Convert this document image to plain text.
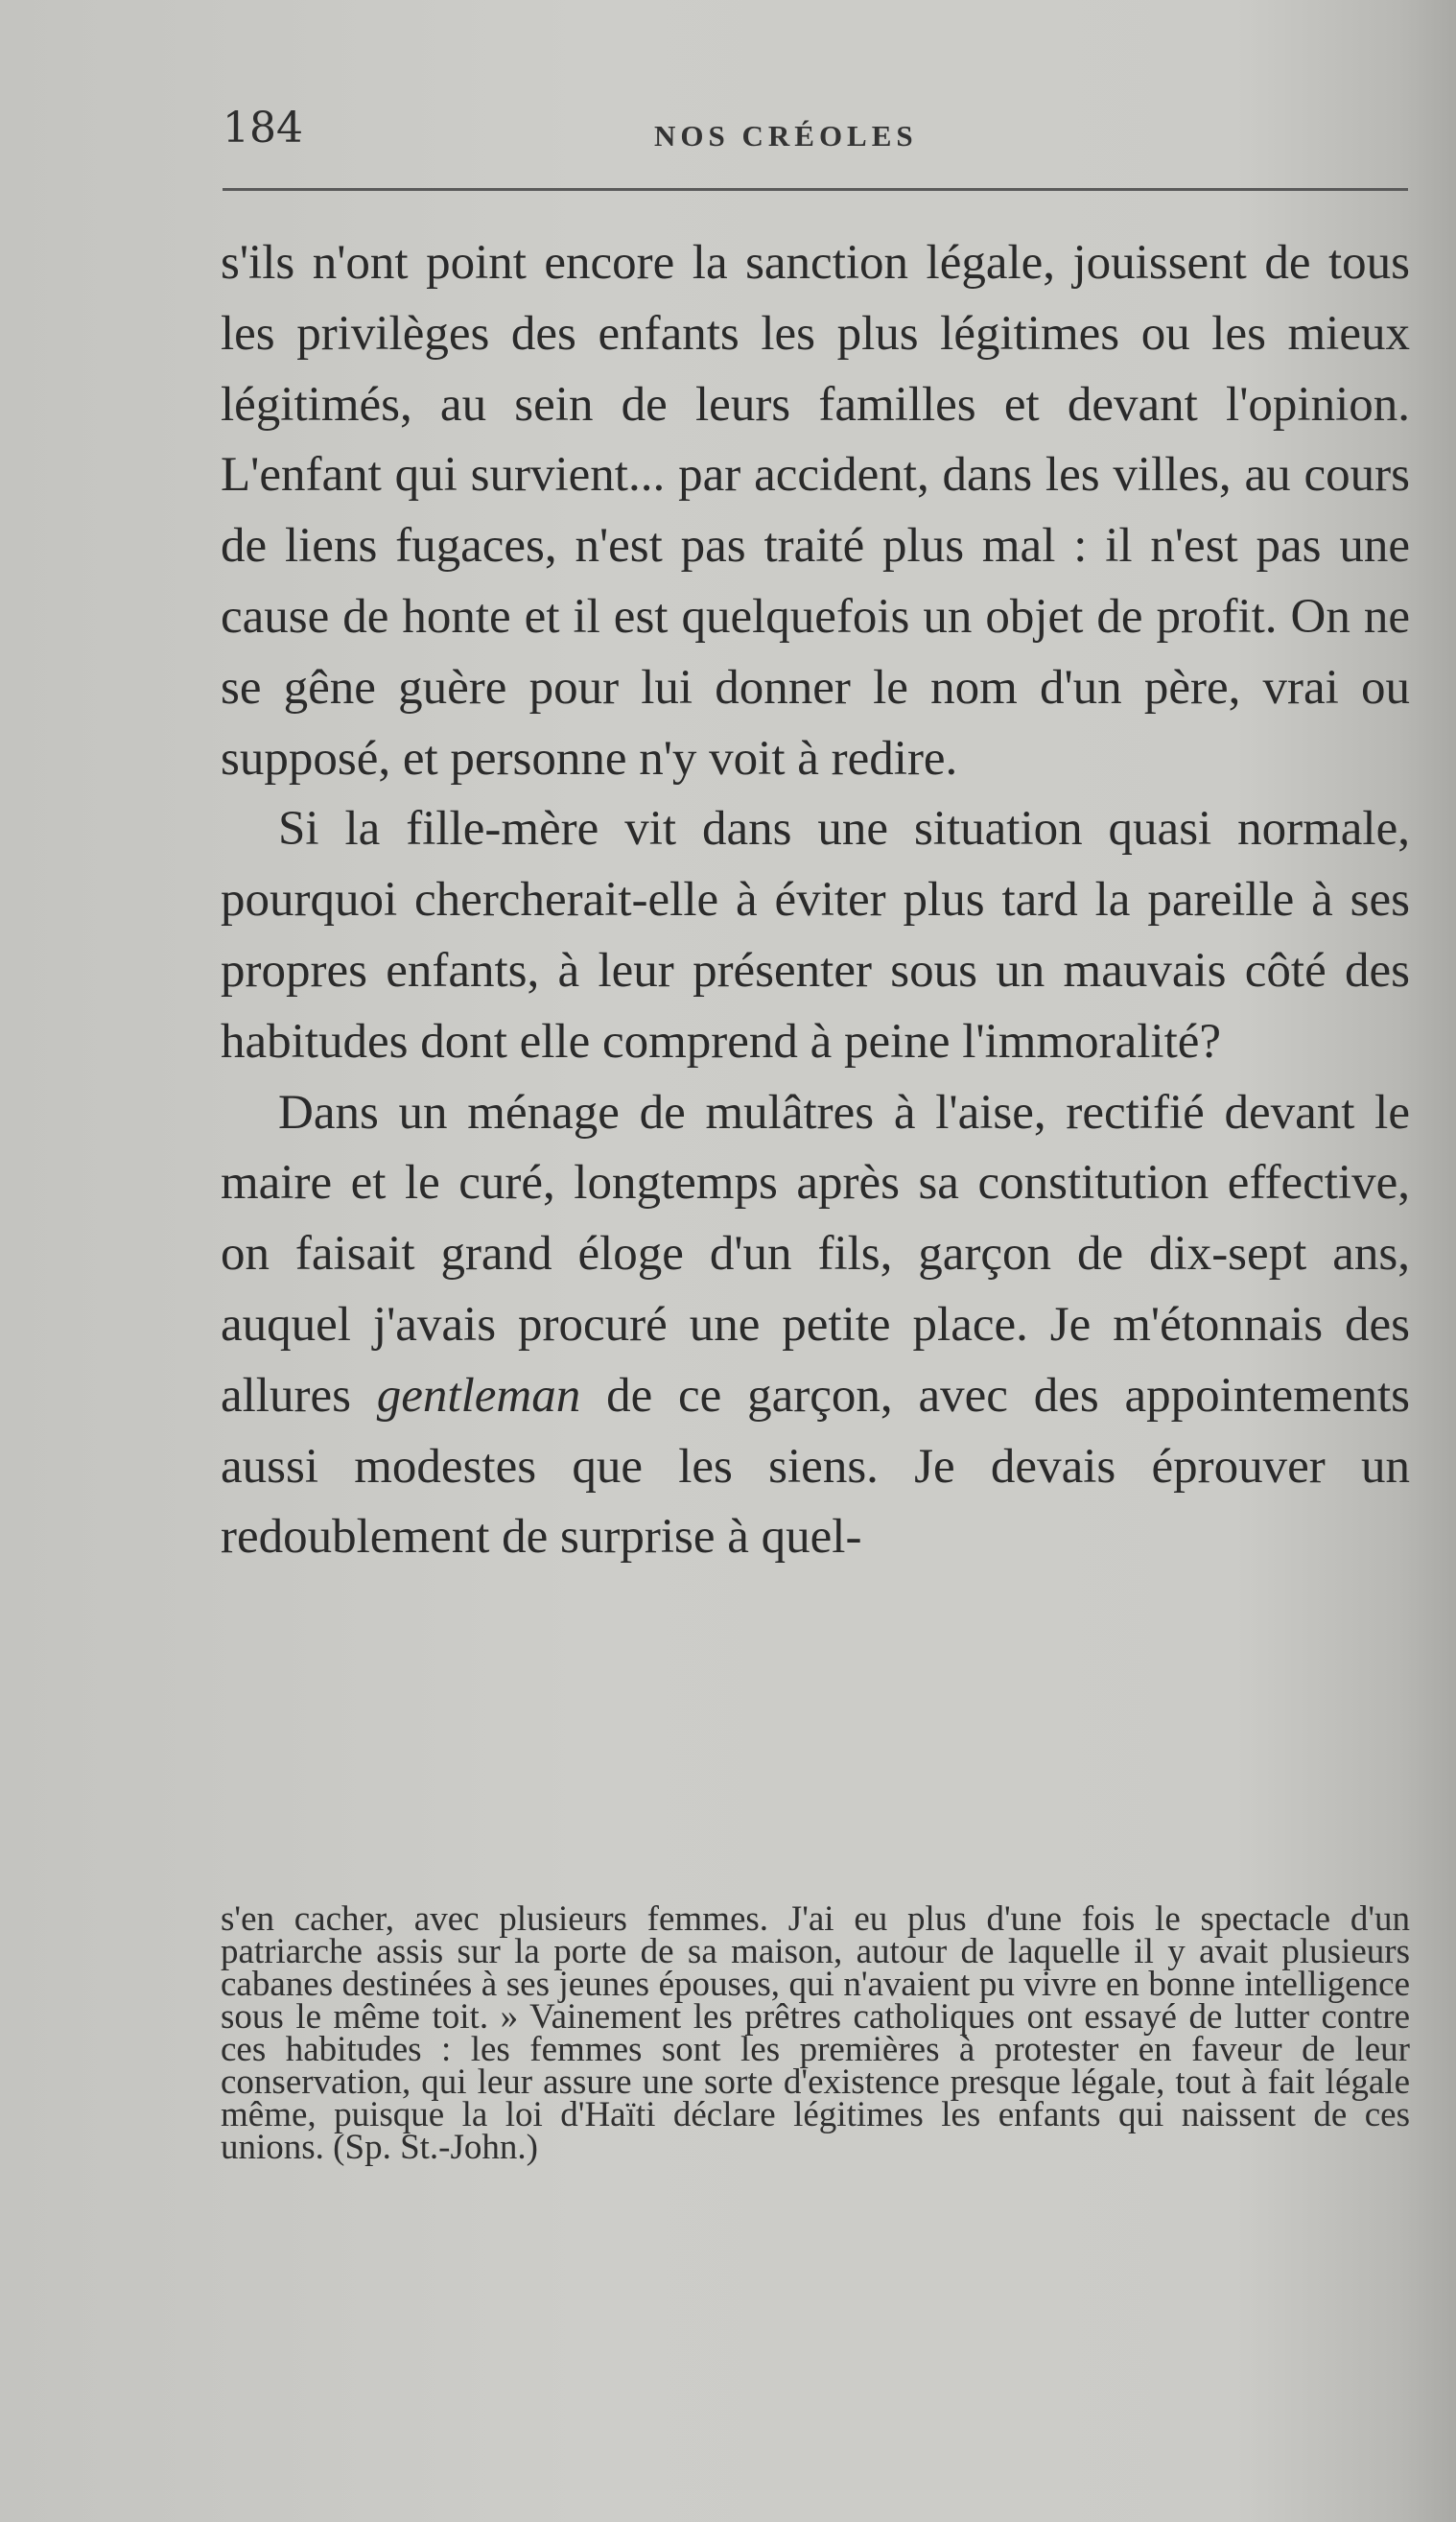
184	NOS CRÉOLES

s'ils n'ont point encore la sanction légale, jouissent de tous les privilèges des enfants les plus légitimes ou les mieux légitimés, au sein de leurs familles et devant l'opinion. L'enfant qui survient... par accident, dans les villes, au cours de liens fugaces, n'est pas traité plus mal : il n'est pas une cause de honte et il est quelquefois un objet de profit. On ne se gêne guère pour lui donner le nom d'un père, vrai ou supposé, et personne n'y voit à redire.

Si la fille-mère vit dans une situation quasi normale, pourquoi chercherait-elle à éviter plus tard la pareille à ses propres enfants, à leur présenter sous un mauvais côté des habitudes dont elle comprend à peine l'immoralité?

Dans un ménage de mulâtres à l'aise, rectifié devant le maire et le curé, longtemps après sa constitution effective, on faisait grand éloge d'un fils, garçon de dix-sept ans, auquel j'avais procuré une petite place. Je m'étonnais des allures gentleman de ce garçon, avec des appointements aussi modestes que les siens. Je devais éprouver un redoublement de surprise à quel-

s'en cacher, avec plusieurs femmes. J'ai eu plus d'une fois le spectacle d'un patriarche assis sur la porte de sa maison, autour de laquelle il y avait plusieurs cabanes destinées à ses jeunes épouses, qui n'avaient pu vivre en bonne intelligence sous le même toit. » Vainement les prêtres catholiques ont essayé de lutter contre ces habitudes : les femmes sont les premières à protester en faveur de leur conservation, qui leur assure une sorte d'existence presque légale, tout à fait légale même, puisque la loi d'Haïti déclare légitimes les enfants qui naissent de ces unions. (Sp. St.-John.)
